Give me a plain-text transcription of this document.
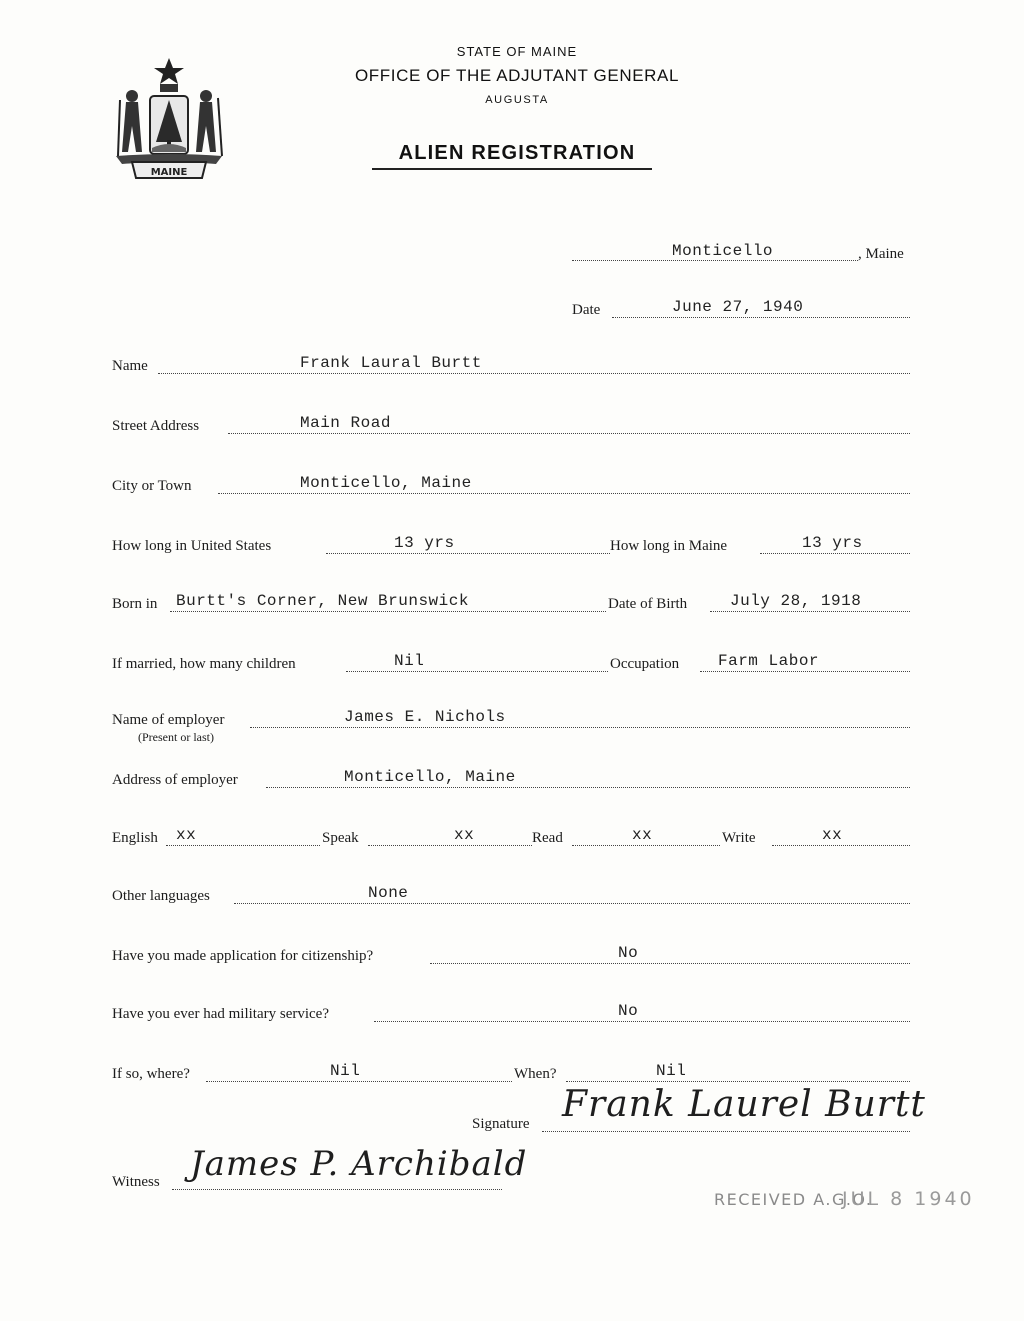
MAINE
STATE OF MAINE
OFFICE OF THE ADJUTANT GENERAL
AUGUSTA
ALIEN REGISTRATION
Monticello	, Maine
Date	June 27, 1940
Name	Frank Laural Burtt
Street Address	Main Road
City or Town	Monticello, Maine
How long in United States	13 yrs	How long in Maine	13 yrs
Born in Burtt's Corner, New Brunswick	Date of Birth	July 28, 1918
If married, how many children	Nil	Occupation Farm Labor
Name of employer
(Present or last)
James E. Nichols
Address of employer	Monticello, Maine
English xx	Speak	xx	Read	xx	Write	xx
Other languages	None
Have you made application for citizenship?	No
Have you ever had military service?	No
If so, where?	Nil	When?	Nil
Signature Frank Laurel Burtt
Witness James P. Archibald
RECEIVED A.G.O.
JUL 8 1940
